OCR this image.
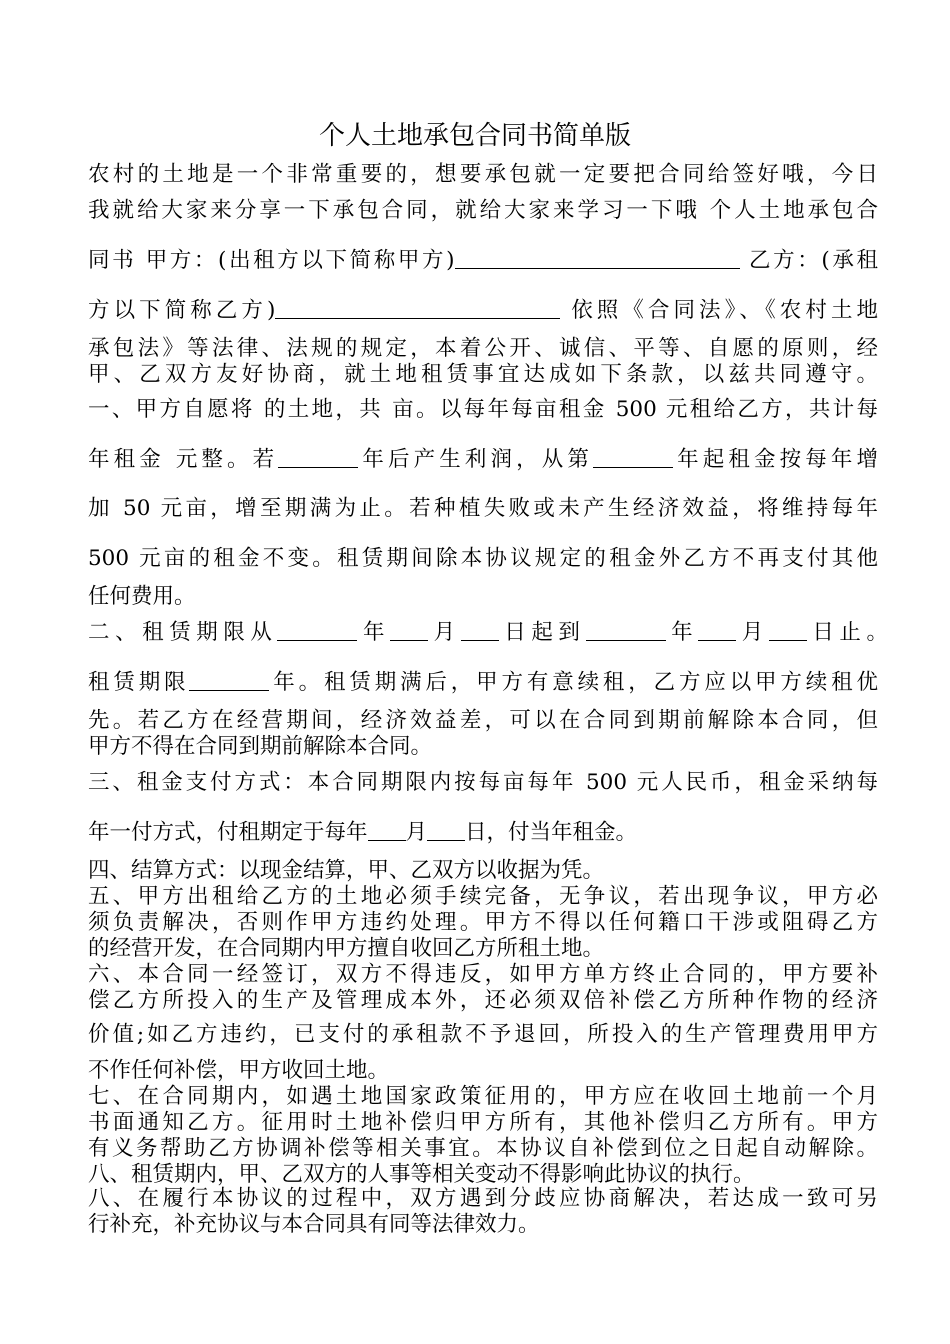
个人土地承包合同书简单版
农村的土地是一个非常重要的，想要承包就一定要把合同给签好哦，今日
我就给大家来分享一下承包合同，就给大家来学习一下哦 个人土地承包合
同书 甲方：(出租方以下简称甲方)	乙方：(承租
方以下简称乙方)	依照《合同法》、《农村土地
承包法》等法律、法规的规定，本着公开、诚信、平等、自愿的原则，经
甲、乙双方友好协商，就土地租赁事宜达成如下条款，以兹共同遵守。
一、甲方自愿将 的土地，共 亩。以每年每亩租金 500 元租给乙方，共计每
年租金 元整。若	年后产生利润，从第	年起租金按每年增
加 50 元亩，增至期满为止。若种植失败或未产生经济效益，将维持每年
500 元亩的租金不变。租赁期间除本协议规定的租金外乙方不再支付其他
任何费用。
二、租赁期限从	年 月 日起到	年 月 日止。
租赁期限	年。租赁期满后，甲方有意续租，乙方应以甲方续租优
先。若乙方在经营期间，经济效益差，可以在合同到期前解除本合同，但
甲方不得在合同到期前解除本合同。
三、租金支付方式：本合同期限内按每亩每年 500 元人民币，租金采纳每
年一付方式，付租期定于每年 月 日，付当年租金。
四、结算方式：以现金结算，甲、乙双方以收据为凭。
五、甲方出租给乙方的土地必须手续完备，无争议，若出现争议，甲方必
须负责解决，否则作甲方违约处理。甲方不得以任何籍口干涉或阻碍乙方
的经营开发，在合同期内甲方擅自收回乙方所租土地。
六、本合同一经签订，双方不得违反，如甲方单方终止合同的，甲方要补
偿乙方所投入的生产及管理成本外，还必须双倍补偿乙方所种作物的经济
价值;如乙方违约，已支付的承租款不予退回，所投入的生产管理费用甲方
不作任何补偿，甲方收回土地。
七、在合同期内，如遇土地国家政策征用的，甲方应在收回土地前一个月
书面通知乙方。征用时土地补偿归甲方所有，其他补偿归乙方所有。甲方
有义务帮助乙方协调补偿等相关事宜。本协议自补偿到位之日起自动解除。
八、租赁期内，甲、乙双方的人事等相关变动不得影响此协议的执行。
八、在履行本协议的过程中，双方遇到分歧应协商解决，若达成一致可另
行补充，补充协议与本合同具有同等法律效力。
